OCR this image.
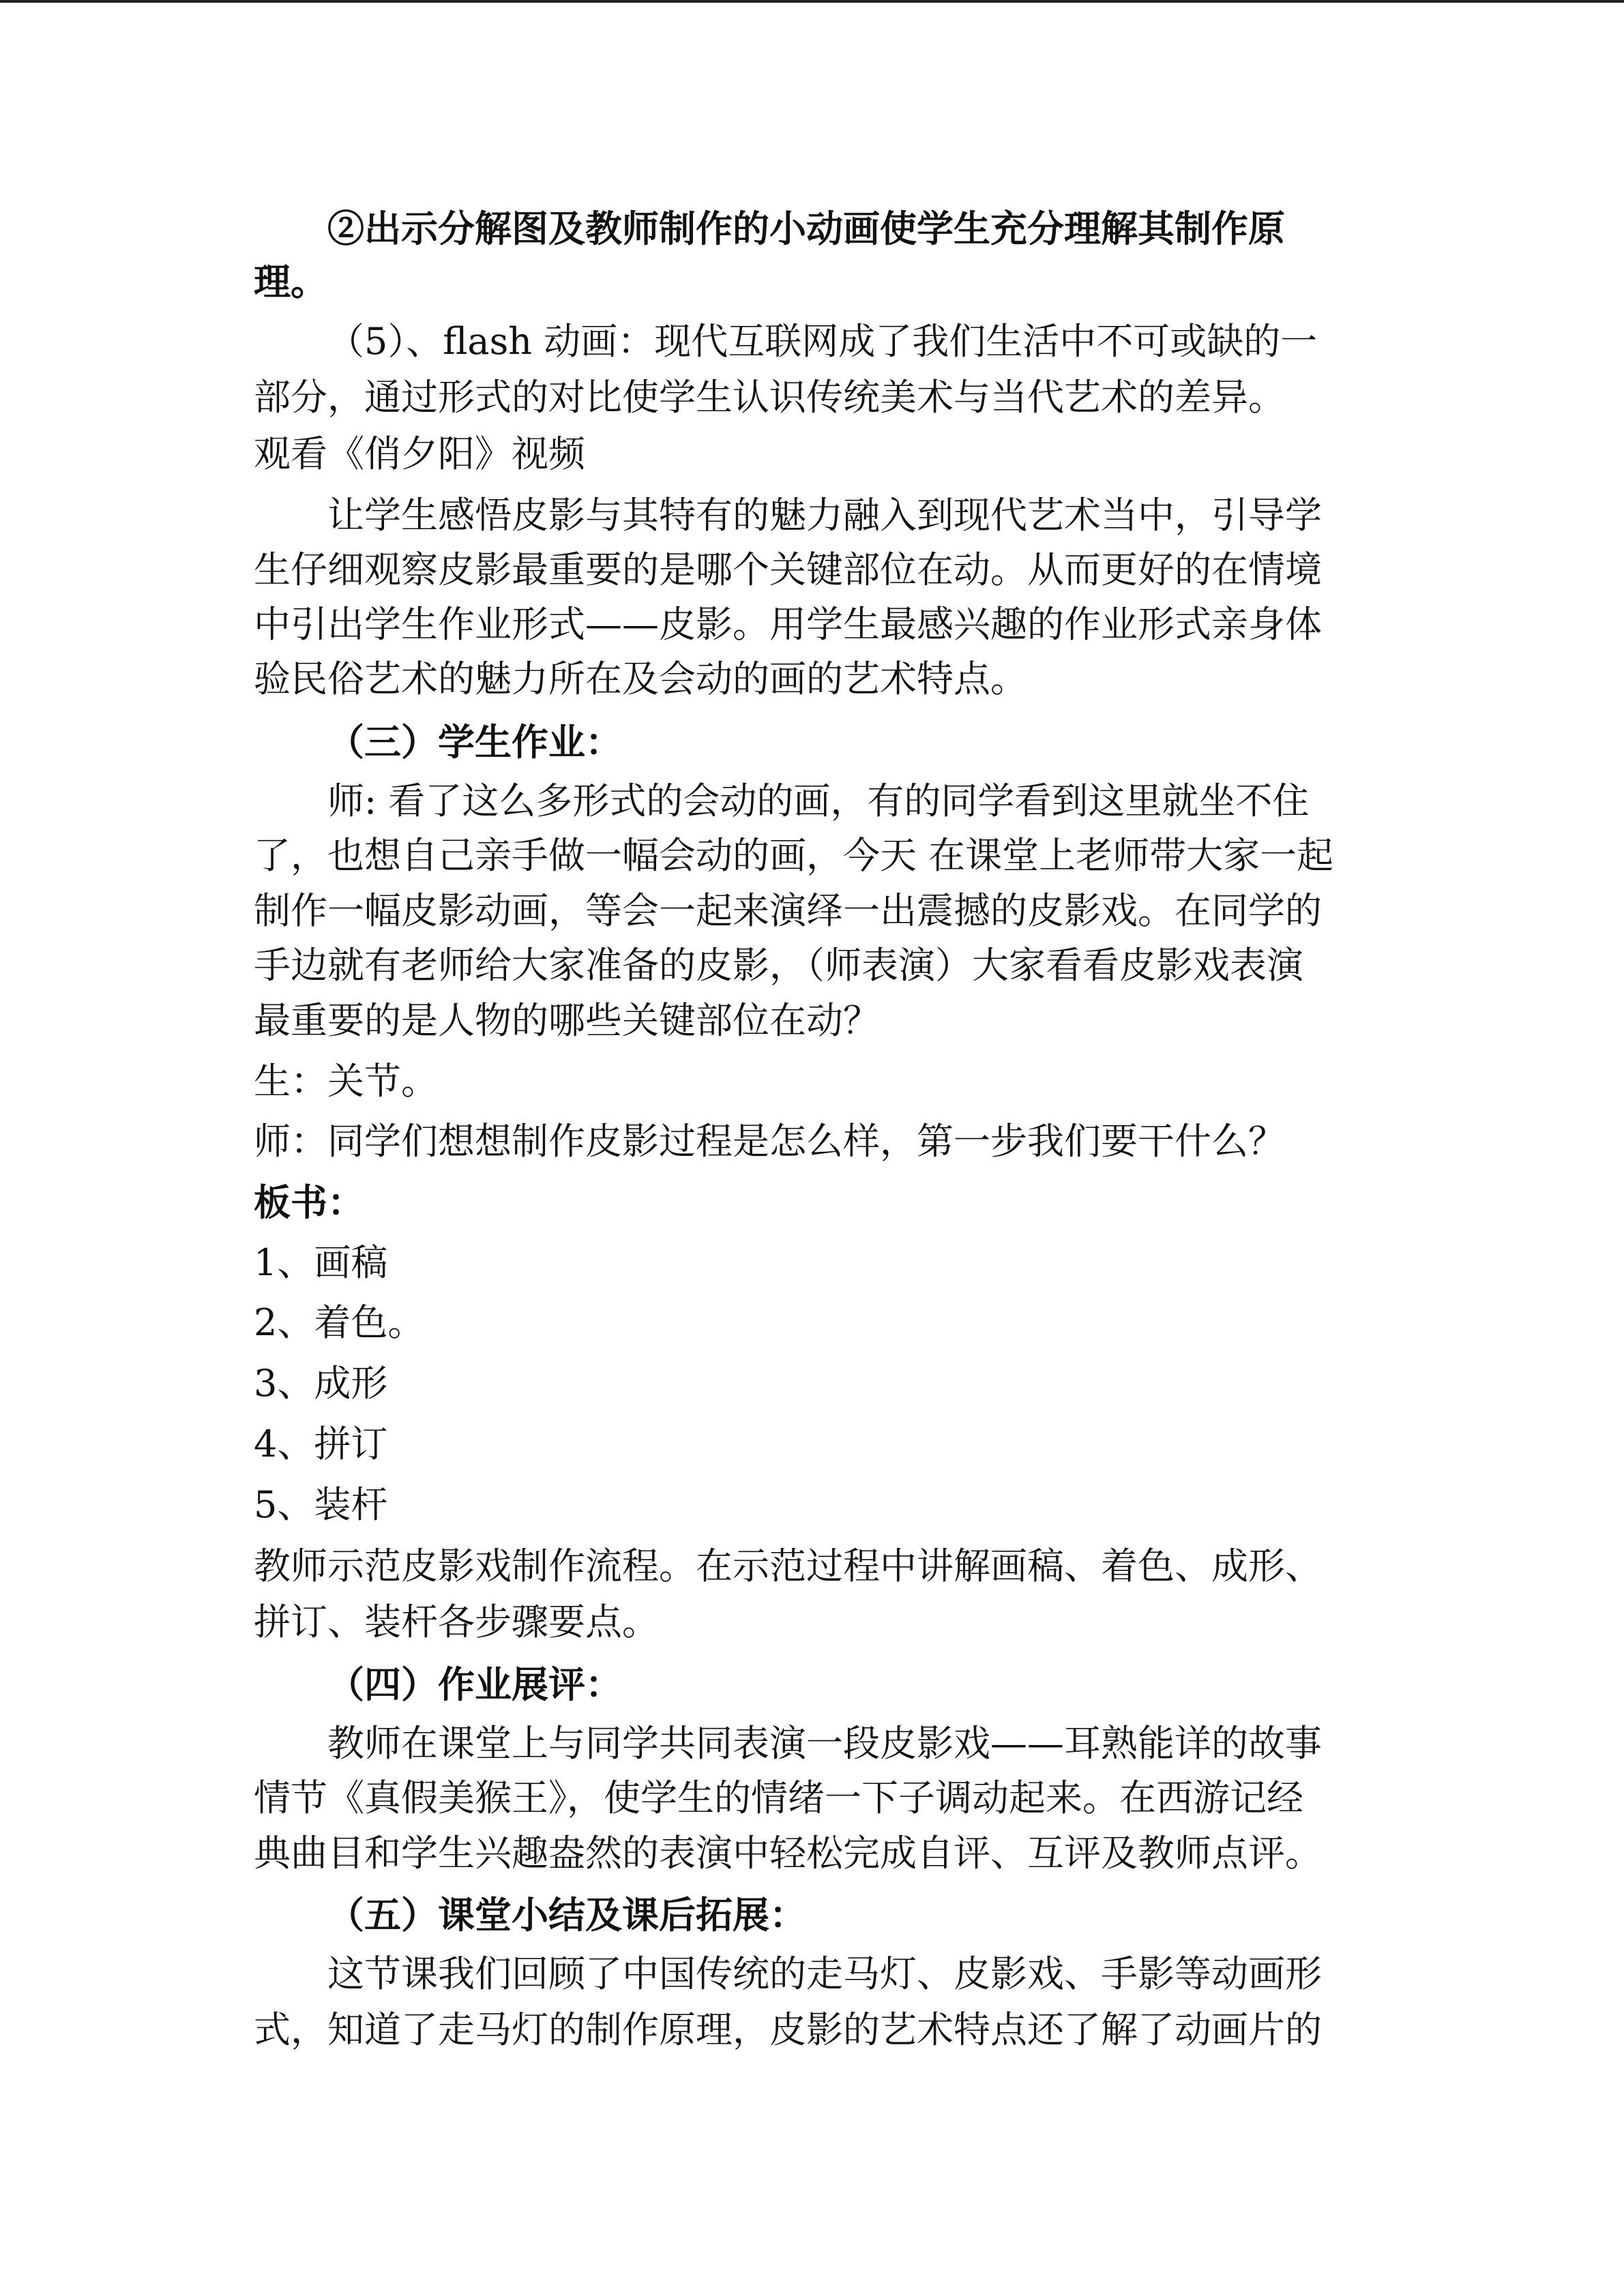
②出示分解图及教师制作的小动画使学生充分理解其制作原
理。
（5）、flash 动画：现代互联网成了我们生活中不可或缺的一
部分，通过形式的对比使学生认识传统美术与当代艺术的差异。
观看《俏夕阳》视频
让学生感悟皮影与其特有的魅力融入到现代艺术当中，引导学
生仔细观察皮影最重要的是哪个关键部位在动。从而更好的在情境
中引出学生作业形式——皮影。用学生最感兴趣的作业形式亲身体
验民俗艺术的魅力所在及会动的画的艺术特点。
（三）学生作业：
师: 看了这么多形式的会动的画，有的同学看到这里就坐不住
了，也想自己亲手做一幅会动的画，今天 在课堂上老师带大家一起
制作一幅皮影动画，等会一起来演绎一出震撼的皮影戏。在同学的
手边就有老师给大家准备的皮影，（师表演）大家看看皮影戏表演
最重要的是人物的哪些关键部位在动？
生：关节。
师：同学们想想制作皮影过程是怎么样，第一步我们要干什么？
板书：
1、画稿
2、着色。
3、成形
4、拼订
5、装杆
教师示范皮影戏制作流程。在示范过程中讲解画稿、着色、成形、
拼订、装杆各步骤要点。
（四）作业展评：
教师在课堂上与同学共同表演一段皮影戏——耳熟能详的故事
情节《真假美猴王》，使学生的情绪一下子调动起来。在西游记经
典曲目和学生兴趣盎然的表演中轻松完成自评、互评及教师点评。
（五）课堂小结及课后拓展：
这节课我们回顾了中国传统的走马灯、皮影戏、手影等动画形
式，知道了走马灯的制作原理，皮影的艺术特点还了解了动画片的
